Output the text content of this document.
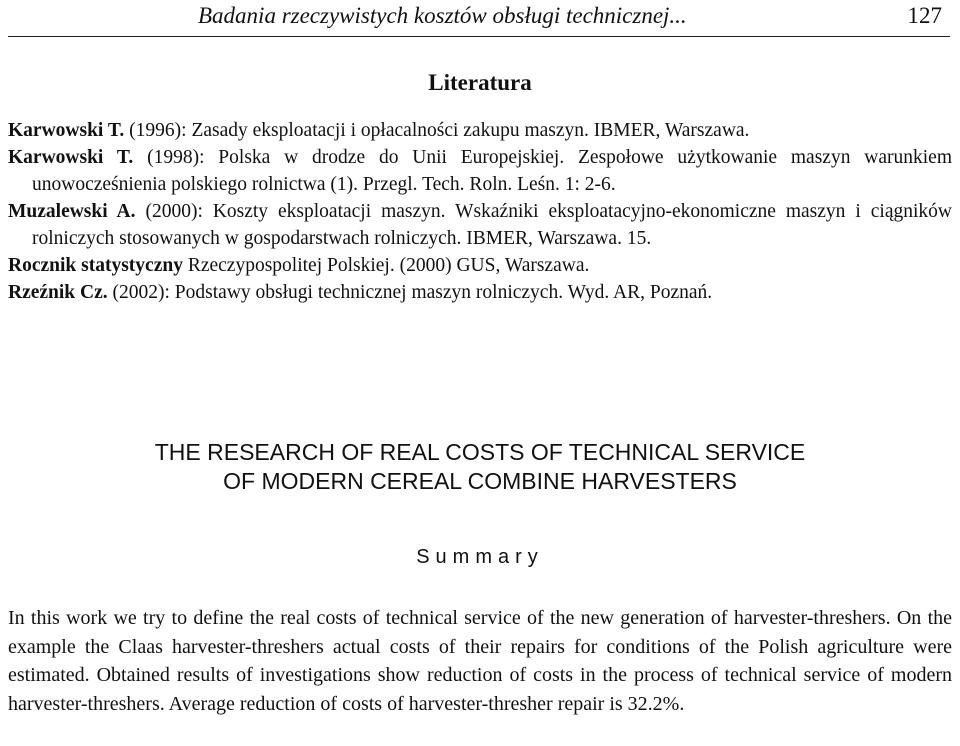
Badania rzeczywistych kosztów obsługi technicznej...	127
Literatura
Karwowski T. (1996): Zasady eksploatacji i opłacalności zakupu maszyn. IBMER, Warszawa.
Karwowski T. (1998): Polska w drodze do Unii Europejskiej. Zespołowe użytkowanie maszyn warunkiem unowocześnienia polskiego rolnictwa (1). Przegl. Tech. Roln. Leśn. 1: 2-6.
Muzalewski A. (2000): Koszty eksploatacji maszyn. Wskaźniki eksploatacyjno-ekonomiczne maszyn i ciągników rolniczych stosowanych w gospodarstwach rolniczych. IBMER, Warszawa. 15.
Rocznik statystyczny Rzeczypospolitej Polskiej. (2000) GUS, Warszawa.
Rzeźnik Cz. (2002): Podstawy obsługi technicznej maszyn rolniczych. Wyd. AR, Poznań.
THE RESEARCH OF REAL COSTS OF TECHNICAL SERVICE
OF MODERN CEREAL COMBINE HARVESTERS
Summary

In this work we try to define the real costs of technical service of the new generation of harvester-threshers. On the example the Claas harvester-threshers actual costs of their repairs for conditions of the Polish agriculture were estimated. Obtained results of investigations show reduction of costs in the process of technical service of modern harvester-threshers. Average reduction of costs of harvester-thresher repair is 32.2%.
